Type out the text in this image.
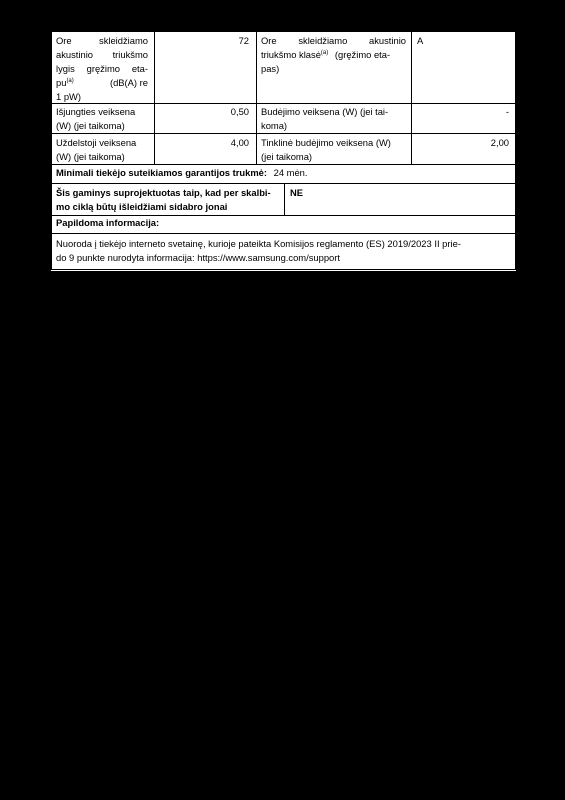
Ore skleidžiamo
akustinio triukšmo
lygis gręžimo eta-
$pu^{(a)}$	(dB(A) re
1 pW)
72 Ore skleidžiamo akustinio
triukšmo klasė$^{(a)}$ (gręžimo eta-
pas)
A
Išjungties veiksena
(W) (jei taikoma)
0,50 Budėjimo veiksena (W) (jei tai-
koma)
-
Uždelstoji veiksena
(W) (jei taikoma)
4,00 Tinklinė budėjimo veiksena (W)
(jei taikoma)
2,00
Minimali tiekėjo suteikiamos garantijos trukmė: 24 mėn.
Šis gaminys suprojektuotas taip, kad per skalbi-
mo ciklą būtų išleidžiami sidabro jonai
NE
Papildoma informacija:
Nuoroda į tiekėjo interneto svetainę, kurioje pateikta Komisijos reglamento (ES) 2019/2023 II prie-
do 9 punkte nurodyta informacija: https://www.samsung.com/support
